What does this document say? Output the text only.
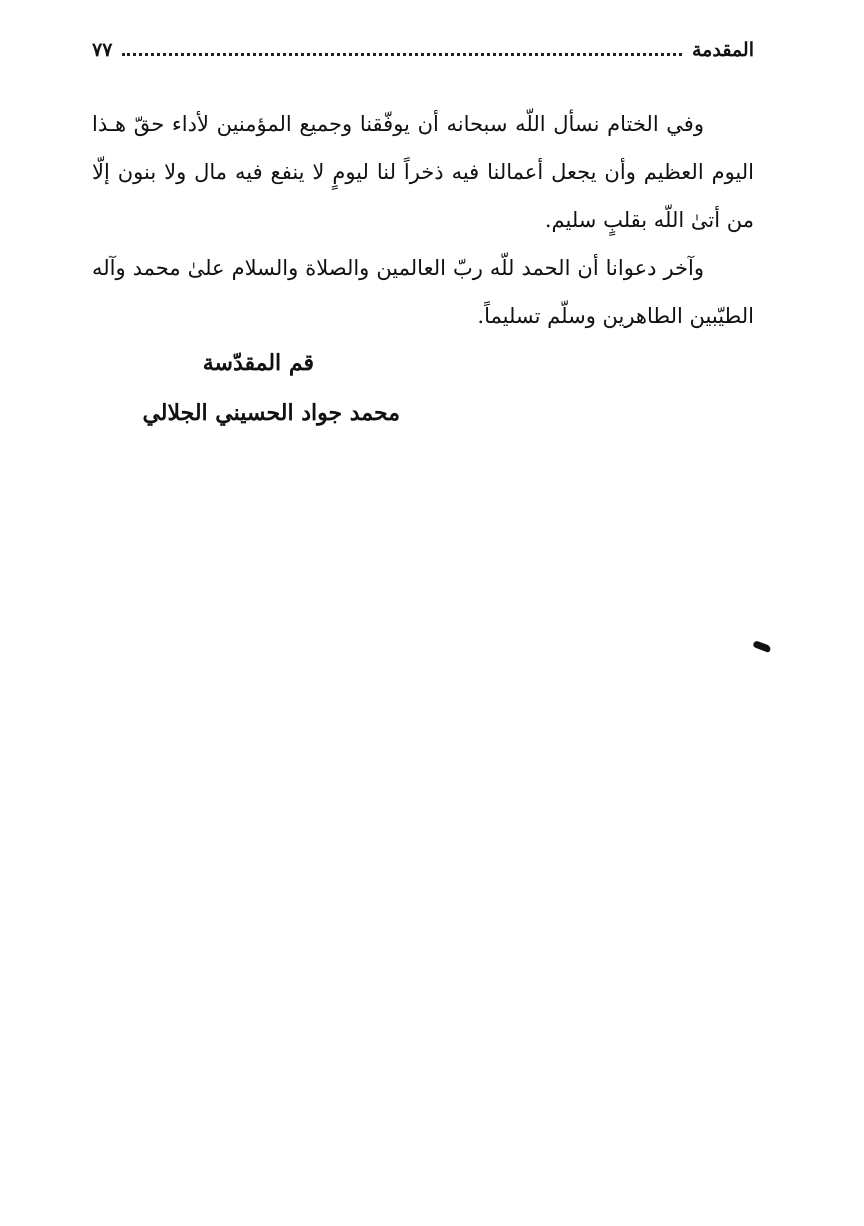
المقدمة
٧٧

وفي الختام نسأل اللّه سبحانه أن يوفّقنا وجميع المؤمنين لأداء حقّ هـذا اليوم العظيم وأن يجعل أعمالنا فيه ذخراً لنا ليومٍ لا ينفع فيه مال ولا بنون إلّا من أتىٰ اللّه بقلبٍ سليم.

وآخر دعوانا أن الحمد للّه ربّ العالمين والصلاة والسلام علىٰ محمد وآله الطيّبين الطاهرين وسلّم تسليماً.

قم المقدّسة
محمد جواد الحسيني الجلالي
